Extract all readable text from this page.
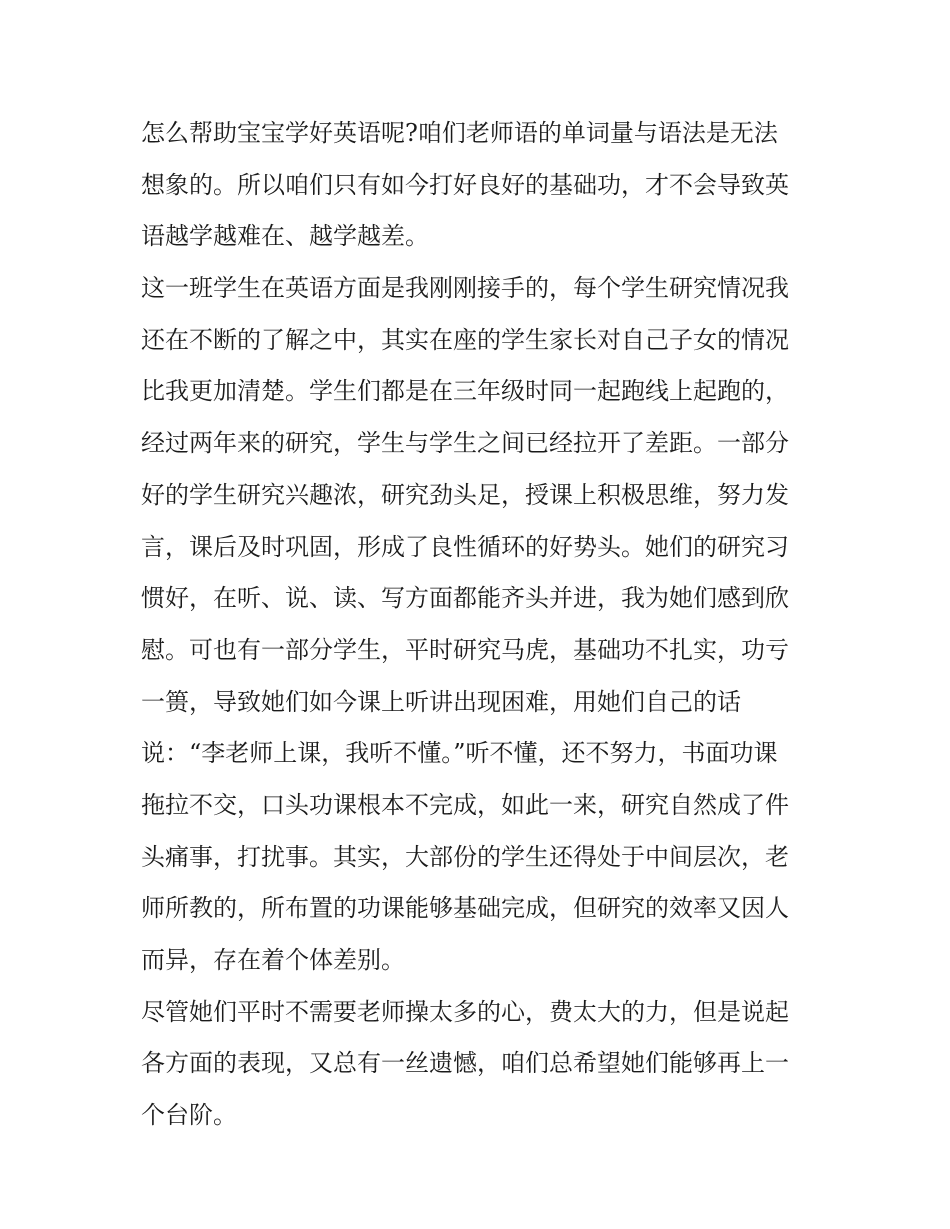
怎么帮助宝宝学好英语呢?咱们老师语的单词量与语法是无法
想象的。所以咱们只有如今打好良好的基础功，才不会导致英
语越学越难在、越学越差。
这一班学生在英语方面是我刚刚接手的，每个学生研究情况我
还在不断的了解之中，其实在座的学生家长对自己子女的情况
比我更加清楚。学生们都是在三年级时同一起跑线上起跑的，
经过两年来的研究，学生与学生之间已经拉开了差距。一部分
好的学生研究兴趣浓，研究劲头足，授课上积极思维，努力发
言，课后及时巩固，形成了良性循环的好势头。她们的研究习
惯好，在听、说、读、写方面都能齐头并进，我为她们感到欣
慰。可也有一部分学生，平时研究马虎，基础功不扎实，功亏
一篑，导致她们如今课上听讲出现困难，用她们自己的话
说：“李老师上课，我听不懂。”听不懂，还不努力，书面功课
拖拉不交，口头功课根本不完成，如此一来，研究自然成了件
头痛事，打扰事。其实，大部份的学生还得处于中间层次，老
师所教的，所布置的功课能够基础完成，但研究的效率又因人
而异，存在着个体差别。
尽管她们平时不需要老师操太多的心，费太大的力，但是说起
各方面的表现，又总有一丝遗憾，咱们总希望她们能够再上一
个台阶。
